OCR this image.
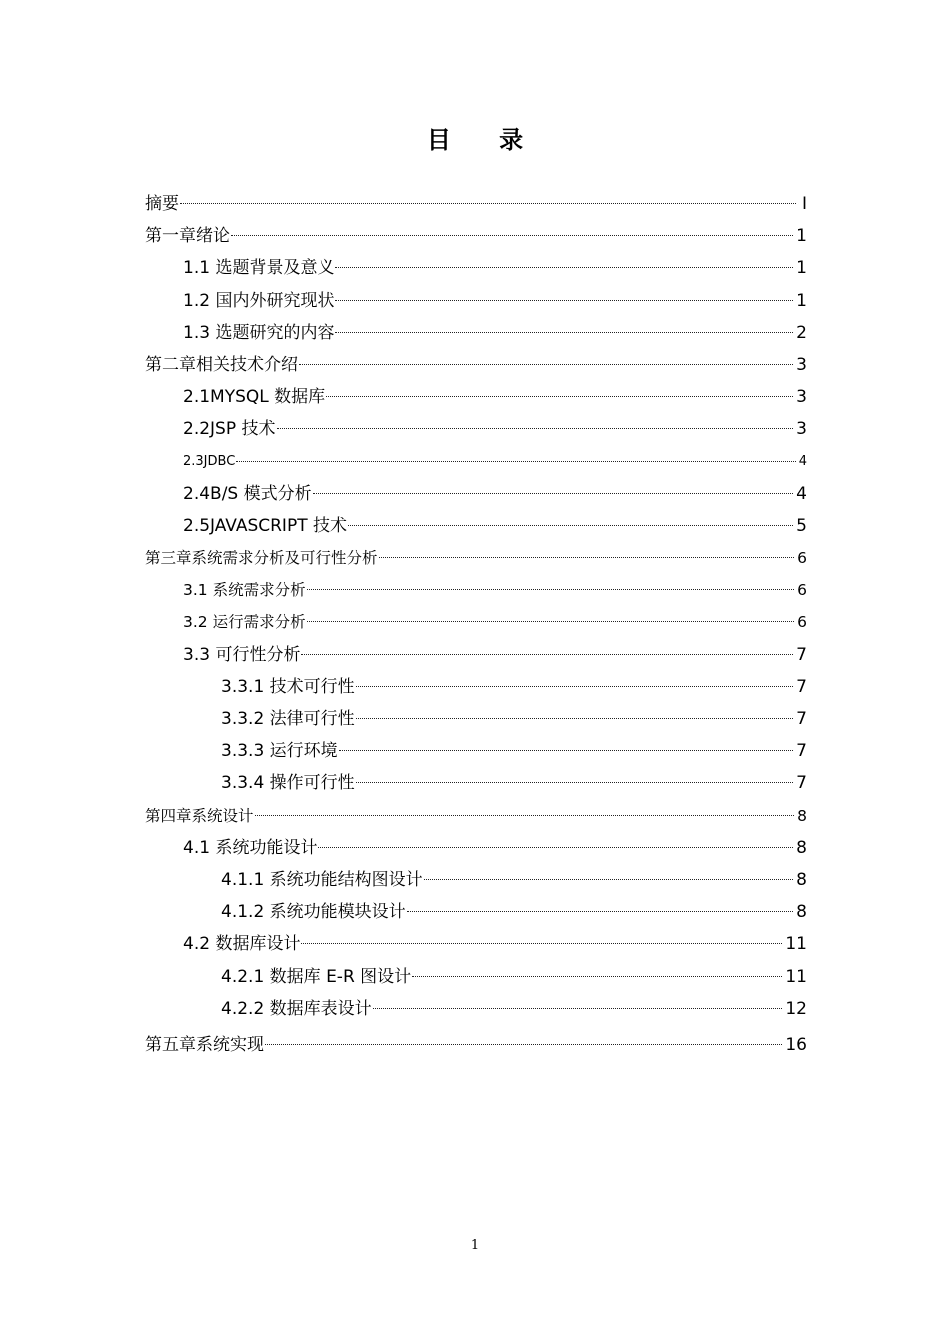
目 录
摘要	I
第一章绪论	1
1.1 选题背景及意义	1
1.2 国内外研究现状	1
1.3 选题研究的内容	2
第二章相关技术介绍	3
2.1MYSQL 数据库	3
2.2JSP 技术	3
2.3JDBC	4
2.4B/S 模式分析	4
2.5JAVASCRIPT 技术	5
第三章系统需求分析及可行性分析	6
3.1 系统需求分析	6
3.2 运行需求分析	6
3.3 可行性分析	7
3.3.1 技术可行性	7
3.3.2 法律可行性	7
3.3.3 运行环境	7
3.3.4 操作可行性	7
第四章系统设计	8
4.1 系统功能设计	8
4.1.1 系统功能结构图设计	8
4.1.2 系统功能模块设计	8
4.2 数据库设计	11
4.2.1 数据库 E-R 图设计	11
4.2.2 数据库表设计	12
第五章系统实现	16
1
